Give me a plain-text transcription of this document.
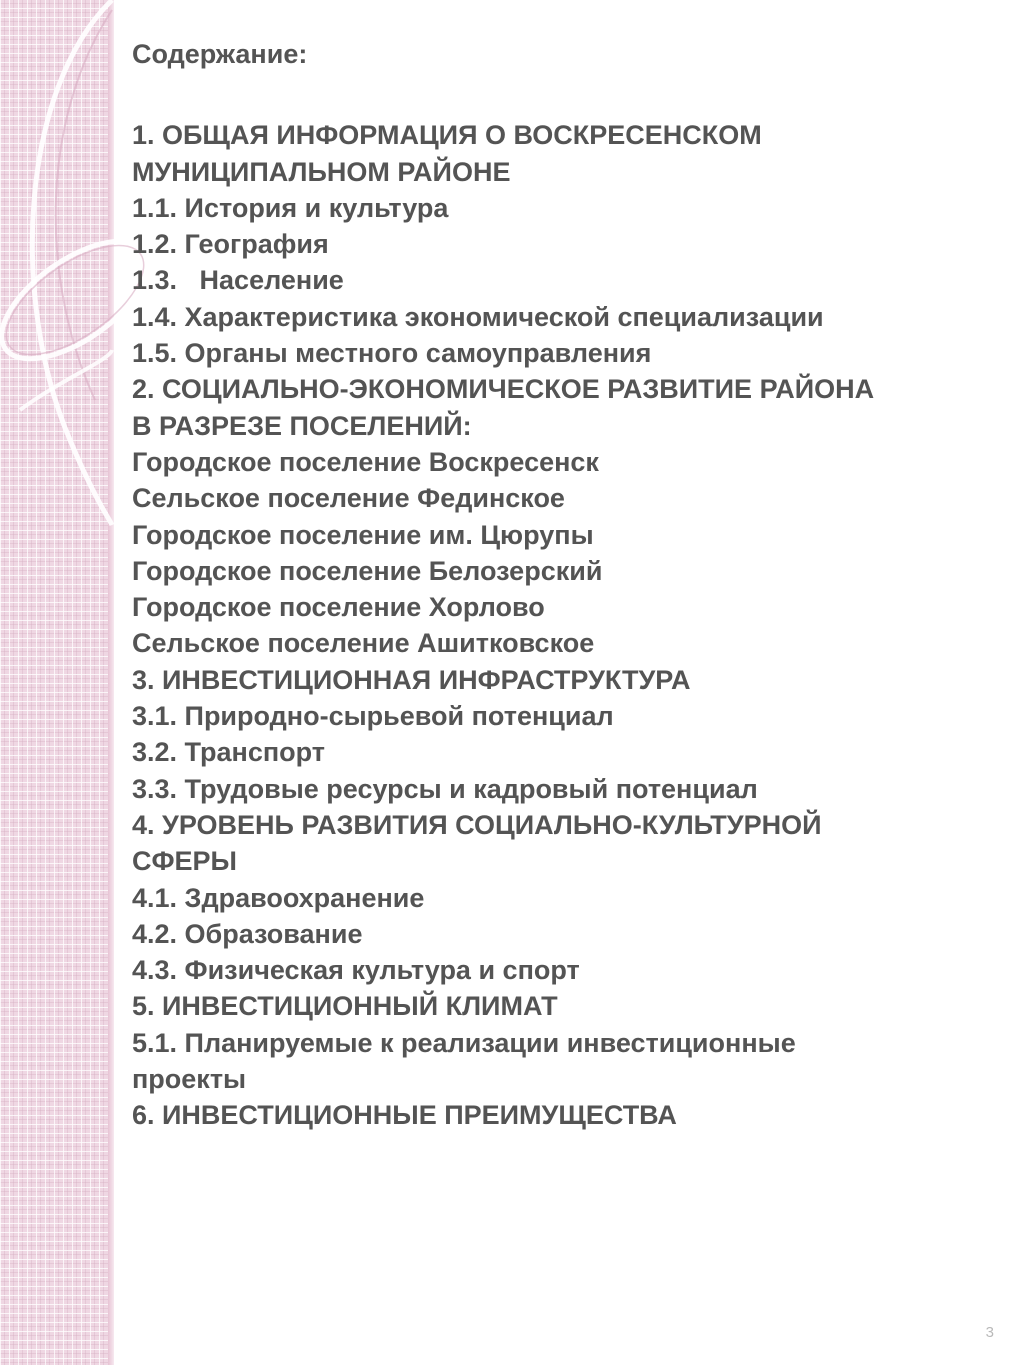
Содержание:
1. ОБЩАЯ ИНФОРМАЦИЯ О ВОСКРЕСЕНСКОМ
МУНИЦИПАЛЬНОМ РАЙОНЕ
1.1. История и культура
1.2. География
1.3.   Население
1.4. Характеристика экономической специализации
1.5. Органы местного самоуправления
2. СОЦИАЛЬНО-ЭКОНОМИЧЕСКОЕ РАЗВИТИЕ РАЙОНА
В РАЗРЕЗЕ ПОСЕЛЕНИЙ:
Городское поселение Воскресенск
Сельское поселение Фединское
Городское поселение им. Цюрупы
Городское поселение Белозерский
Городское поселение Хорлово
Сельское поселение Ашитковское
3. ИНВЕСТИЦИОННАЯ ИНФРАСТРУКТУРА
3.1. Природно-сырьевой потенциал
3.2. Транспорт
3.3. Трудовые ресурсы и кадровый потенциал
4. УРОВЕНЬ РАЗВИТИЯ СОЦИАЛЬНО-КУЛЬТУРНОЙ
СФЕРЫ
4.1. Здравоохранение
4.2. Образование
4.3. Физическая культура и спорт
5. ИНВЕСТИЦИОННЫЙ КЛИМАТ
5.1. Планируемые к реализации инвестиционные
проекты
6. ИНВЕСТИЦИОННЫЕ ПРЕИМУЩЕСТВА
3
